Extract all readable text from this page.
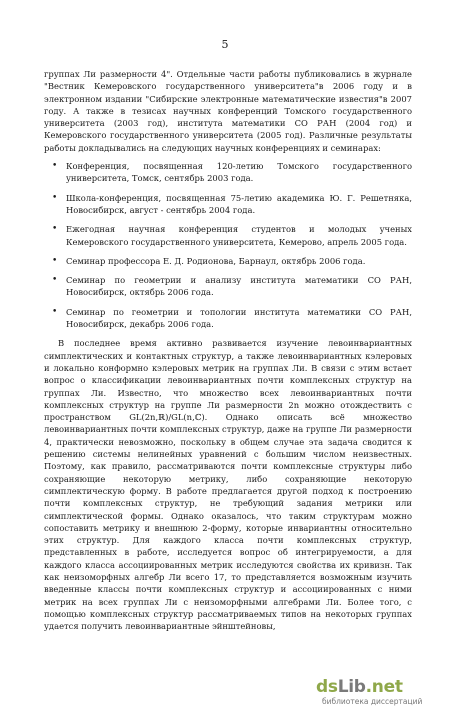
5

группах Ли размерности 4". Отдельные части работы публиковались в журнале "Вестник Кемеровского государственного университета"в 2006 году и в электронном издании "Сибирские электронные математические известия"в 2007 году. А также в тезисах научных конференций Томского государственного университета (2003 год), института математики СО РАН (2004 год) и Кемеровского государственного университета (2005 год). Различные результаты работы докладывались на следующих научных конференциях и семинарах:

• Конференция, посвященная 120-летию Томского государственного университета, Томск, сентябрь 2003 года.
• Школа-конференция, посвященная 75-летию академика Ю. Г. Решетняка, Новосибирск, август - сентябрь 2004 года.
• Ежегодная научная конференция студентов и молодых ученых Кемеровского государственного университета, Кемерово, апрель 2005 года.
• Семинар профессора Е. Д. Родионова, Барнаул, октябрь 2006 года.
• Семинар по геометрии и анализу института математики СО РАН, Новосибирск, октябрь 2006 года.
• Семинар по геометрии и топологии института математики СО РАН, Новосибирск, декабрь 2006 года.

В последнее время активно развивается изучение левоинвариантных симплектических и контактных структур, а также левоинвариантных кэлеровых и локально конформно кэлеровых метрик на группах Ли. В связи с этим встает вопрос о классификации левоинвариантных почти комплексных структур на группах Ли. Известно, что множество всех левоинвариантных почти комплексных структур на группе Ли размерности 2n можно отождествить с пространством GL(2n,ℝ)/GL(n,ℂ). Однако описать всё множество левоинвариантных почти комплексных структур, даже на группе Ли размерности 4, практически невозможно, поскольку в общем случае эта задача сводится к решению системы нелинейных уравнений с большим числом неизвестных. Поэтому, как правило, рассматриваются почти комплексные структуры либо сохраняющие некоторую метрику, либо сохраняющие некоторую симплектическую форму. В работе предлагается другой подход к построению почти комплексных структур, не требующий задания метрики или симплектической формы. Однако оказалось, что таким структурам можно сопоставить метрику и внешнюю 2-форму, которые инвариантны относительно этих структур. Для каждого класса почти комплексных структур, представленных в работе, исследуется вопрос об интегрируемости, а для каждого класса ассоциированных метрик исследуются свойства их кривизн. Так как неизоморфных алгебр Ли всего 17, то представляется возможным изучить введенные классы почти комплексных структур и ассоциированных с ними метрик на всех группах Ли с неизоморфными алгебрами Ли. Более того, с помощью комплексных структур рассматриваемых типов на некоторых группах удается получить левоинвариантные эйнштейновы,

dsLib.net
библиотека диссертаций
